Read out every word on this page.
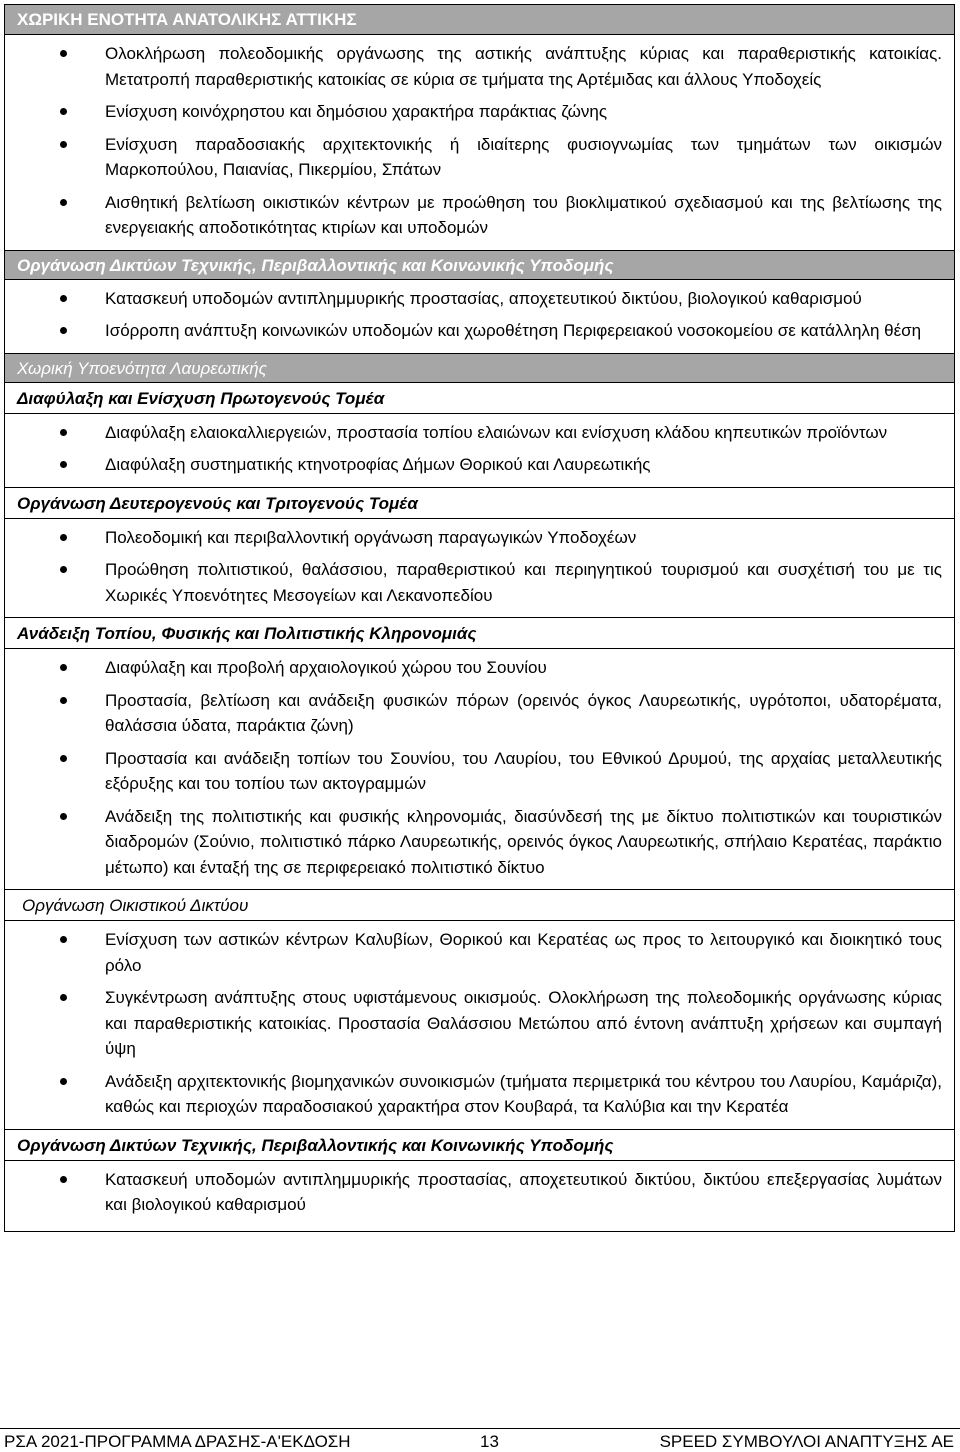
ΧΩΡΙΚΗ ΕΝΟΤΗΤΑ ΑΝΑΤΟΛΙΚΗΣ ΑΤΤΙΚΗΣ
Ολοκλήρωση πολεοδομικής οργάνωσης της αστικής ανάπτυξης κύριας και παραθεριστικής κατοικίας. Μετατροπή παραθεριστικής κατοικίας σε κύρια σε τμήματα της Αρτέμιδας και άλλους Υποδοχείς
Ενίσχυση κοινόχρηστου και δημόσιου χαρακτήρα παράκτιας ζώνης
Ενίσχυση παραδοσιακής αρχιτεκτονικής ή ιδιαίτερης φυσιογνωμίας των τμημάτων των οικισμών Μαρκοπούλου, Παιανίας, Πικερμίου, Σπάτων
Αισθητική βελτίωση οικιστικών κέντρων με προώθηση του βιοκλιματικού σχεδιασμού και της βελτίωσης της ενεργειακής αποδοτικότητας κτιρίων και υποδομών
Οργάνωση Δικτύων Τεχνικής, Περιβαλλοντικής και Κοινωνικής Υποδομής
Κατασκευή υποδομών αντιπλημμυρικής προστασίας, αποχετευτικού δικτύου, βιολογικού καθαρισμού
Ισόρροπη ανάπτυξη κοινωνικών υποδομών και χωροθέτηση Περιφερειακού νοσοκομείου σε κατάλληλη θέση
Χωρική Υποενότητα Λαυρεωτικής
Διαφύλαξη και Ενίσχυση Πρωτογενούς Τομέα
Διαφύλαξη ελαιοκαλλιεργειών, προστασία τοπίου ελαιώνων και ενίσχυση κλάδου κηπευτικών προϊόντων
Διαφύλαξη συστηματικής κτηνοτροφίας Δήμων Θορικού και Λαυρεωτικής
Οργάνωση Δευτερογενούς και Τριτογενούς Τομέα
Πολεοδομική και περιβαλλοντική οργάνωση παραγωγικών Υποδοχέων
Προώθηση πολιτιστικού, θαλάσσιου, παραθεριστικού και περιηγητικού τουρισμού και συσχέτισή του με τις Χωρικές Υποενότητες Μεσογείων και Λεκανοπεδίου
Ανάδειξη Τοπίου, Φυσικής και Πολιτιστικής Κληρονομιάς
Διαφύλαξη και προβολή αρχαιολογικού χώρου του Σουνίου
Προστασία, βελτίωση και ανάδειξη φυσικών πόρων (ορεινός όγκος Λαυρεωτικής, υγρότοποι, υδατορέματα, θαλάσσια ύδατα, παράκτια ζώνη)
Προστασία και ανάδειξη τοπίων του Σουνίου, του Λαυρίου, του Εθνικού Δρυμού, της αρχαίας μεταλλευτικής εξόρυξης και του τοπίου των ακτογραμμών
Ανάδειξη της πολιτιστικής και φυσικής κληρονομιάς, διασύνδεσή της με δίκτυο πολιτιστικών και τουριστικών διαδρομών (Σούνιο, πολιτιστικό πάρκο Λαυρεωτικής, ορεινός όγκος Λαυρεωτικής, σπήλαιο Κερατέας, παράκτιο μέτωπο) και ένταξή της σε περιφερειακό πολιτιστικό δίκτυο
Οργάνωση Οικιστικού Δικτύου
Ενίσχυση των αστικών κέντρων Καλυβίων, Θορικού και Κερατέας ως προς το λειτουργικό και διοικητικό τους ρόλο
Συγκέντρωση ανάπτυξης στους υφιστάμενους οικισμούς. Ολοκλήρωση της πολεοδομικής οργάνωσης κύριας και παραθεριστικής κατοικίας. Προστασία Θαλάσσιου Μετώπου από έντονη ανάπτυξη χρήσεων και συμπαγή ύψη
Ανάδειξη αρχιτεκτονικής βιομηχανικών συνοικισμών (τμήματα περιμετρικά του κέντρου του Λαυρίου, Καμάριζα), καθώς και περιοχών παραδοσιακού χαρακτήρα στον Κουβαρά, τα Καλύβια και την Κερατέα
Οργάνωση Δικτύων Τεχνικής, Περιβαλλοντικής και Κοινωνικής Υποδομής
Κατασκευή υποδομών αντιπλημμυρικής προστασίας, αποχετευτικού δικτύου, δικτύου επεξεργασίας λυμάτων και βιολογικού καθαρισμού
ΡΣΑ 2021-ΠΡΟΓΡΑΜΜΑ ΔΡΑΣΗΣ-Α'ΕΚΔΟΣΗ	13	SPEED ΣΥΜΒΟΥΛΟΙ ΑΝΑΠΤΥΞΗΣ ΑΕ
